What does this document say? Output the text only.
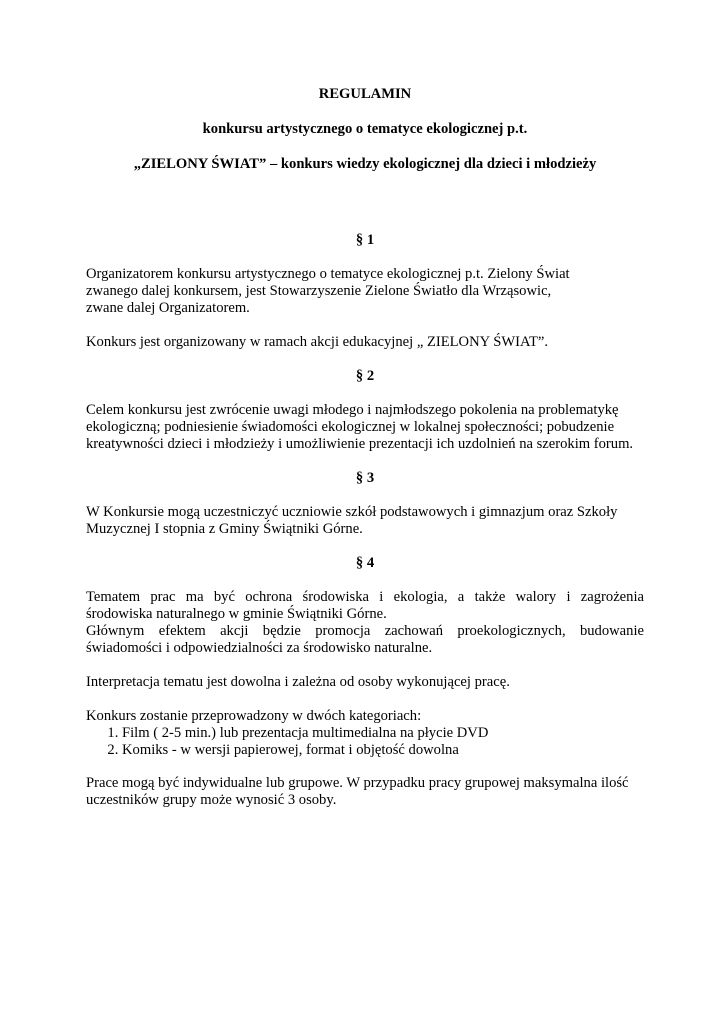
REGULAMIN
konkursu artystycznego o tematyce ekologicznej p.t.
„ZIELONY ŚWIAT” – konkurs wiedzy ekologicznej dla dzieci i młodzieży
§ 1

Organizatorem konkursu artystycznego o tematyce ekologicznej p.t. Zielony Świat
zwanego dalej konkursem, jest Stowarzyszenie Zielone Światło dla Wrząsowic,
zwane dalej Organizatorem.

Konkurs jest organizowany w ramach akcji edukacyjnej „ ZIELONY ŚWIAT”.

§ 2

Celem konkursu jest zwrócenie uwagi młodego i najmłodszego pokolenia na problematykę
ekologiczną; podniesienie świadomości ekologicznej w lokalnej społeczności; pobudzenie
kreatywności dzieci i młodzieży i umożliwienie prezentacji ich uzdolnień na szerokim forum.

§ 3

W Konkursie mogą uczestniczyć uczniowie szkół podstawowych i gimnazjum oraz Szkoły
Muzycznej I stopnia z Gminy Świątniki Górne.

§ 4

Tematem prac ma być ochrona środowiska i ekologia, a także walory i zagrożenia
środowiska naturalnego w gminie Świątniki Górne.
Głównym efektem akcji będzie promocja zachowań proekologicznych, budowanie
świadomości i odpowiedzialności za środowisko naturalne.

Interpretacja tematu jest dowolna i zależna od osoby wykonującej pracę.

Konkurs zostanie przeprowadzony w dwóch kategoriach:

1. Film ( 2-5 min.) lub prezentacja multimedialna na płycie DVD
2. Komiks - w wersji papierowej, format i objętość dowolna

Prace mogą być indywidualne lub grupowe. W przypadku pracy grupowej maksymalna ilość
uczestników grupy może wynosić 3 osoby.
